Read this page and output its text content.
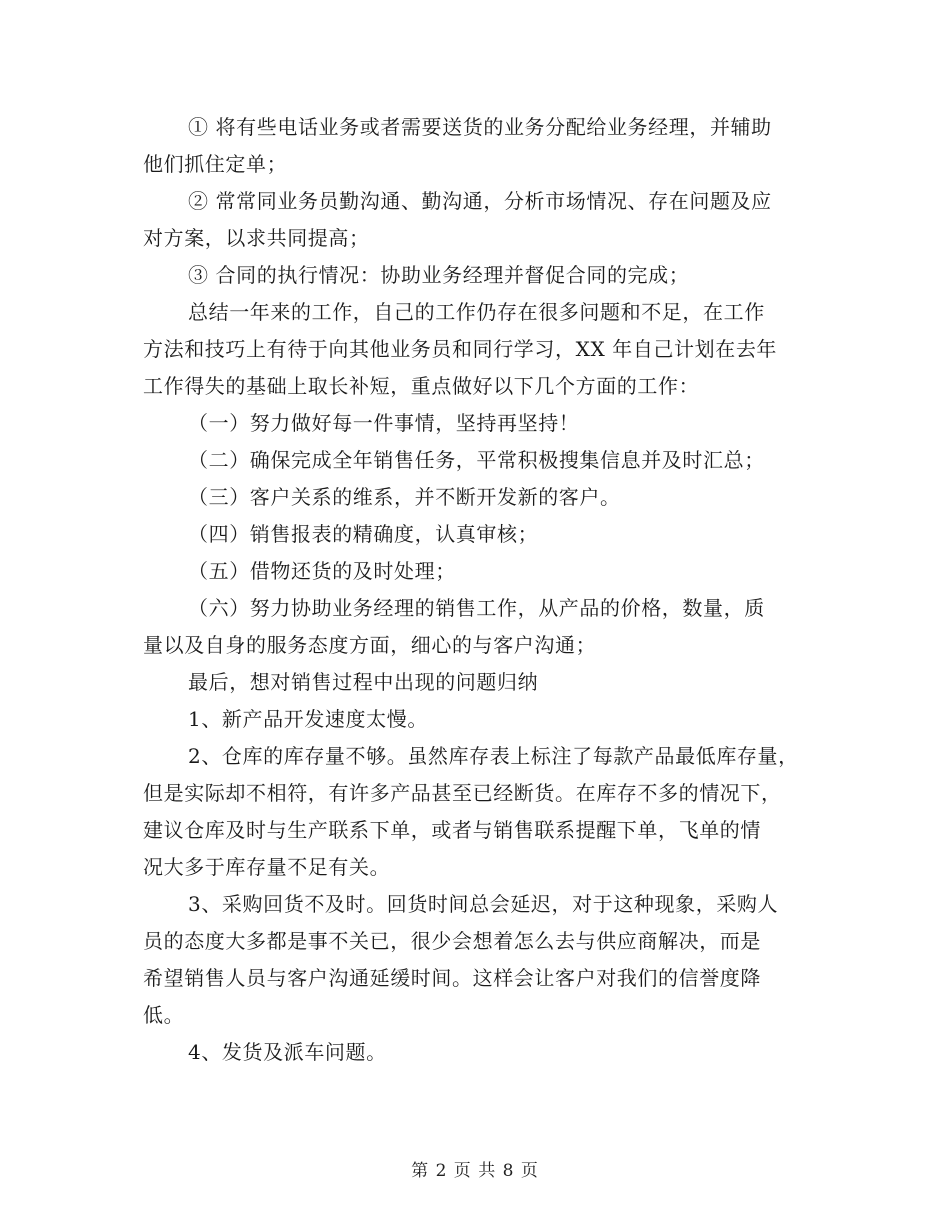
① 将有些电话业务或者需要送货的业务分配给业务经理，并辅助
他们抓住定单；
② 常常同业务员勤沟通、勤沟通，分析市场情况、存在问题及应
对方案，以求共同提高；
③ 合同的执行情况：协助业务经理并督促合同的完成；
总结一年来的工作，自己的工作仍存在很多问题和不足，在工作
方法和技巧上有待于向其他业务员和同行学习，XX 年自己计划在去年
工作得失的基础上取长补短，重点做好以下几个方面的工作：
（一）努力做好每一件事情，坚持再坚持！
（二）确保完成全年销售任务，平常积极搜集信息并及时汇总；
（三）客户关系的维系，并不断开发新的客户。
（四）销售报表的精确度，认真审核；
（五）借物还货的及时处理；
（六）努力协助业务经理的销售工作，从产品的价格，数量，质
量以及自身的服务态度方面，细心的与客户沟通；
最后，想对销售过程中出现的问题归纳
1、新产品开发速度太慢。
2、仓库的库存量不够。虽然库存表上标注了每款产品最低库存量，
但是实际却不相符，有许多产品甚至已经断货。在库存不多的情况下，
建议仓库及时与生产联系下单，或者与销售联系提醒下单，飞单的情
况大多于库存量不足有关。
3、采购回货不及时。回货时间总会延迟，对于这种现象，采购人
员的态度大多都是事不关已，很少会想着怎么去与供应商解决，而是
希望销售人员与客户沟通延缓时间。这样会让客户对我们的信誉度降
低。
4、发货及派车问题。
第 2 页 共 8 页
